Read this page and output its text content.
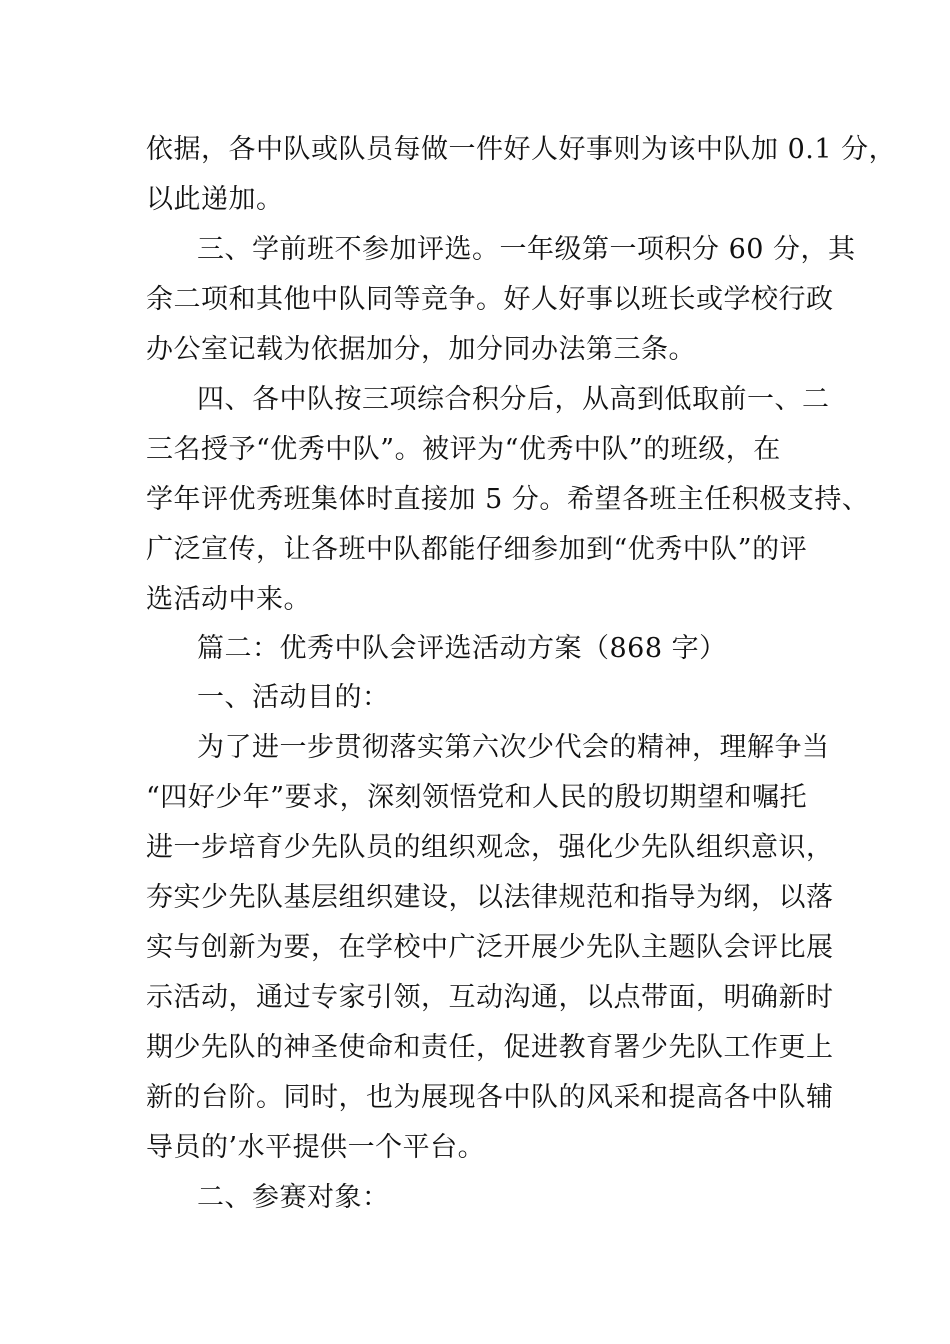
依据，各中队或队员每做一件好人好事则为该中队加 0.1 分，
以此递加。
三、学前班不参加评选。一年级第一项积分 60 分，其
余二项和其他中队同等竞争。好人好事以班长或学校行政
办公室记载为依据加分，加分同办法第三条。
四、各中队按三项综合积分后，从高到低取前一、二
三名授予“优秀中队”。被评为“优秀中队”的班级，在
学年评优秀班集体时直接加 5 分。希望各班主任积极支持、
广泛宣传，让各班中队都能仔细参加到“优秀中队”的评
选活动中来。
篇二：优秀中队会评选活动方案（868 字）
一、活动目的：
为了进一步贯彻落实第六次少代会的精神，理解争当
“四好少年”要求，深刻领悟党和人民的殷切期望和嘱托
进一步培育少先队员的组织观念，强化少先队组织意识，
夯实少先队基层组织建设，以法律规范和指导为纲，以落
实与创新为要，在学校中广泛开展少先队主题队会评比展
示活动，通过专家引领，互动沟通，以点带面，明确新时
期少先队的神圣使命和责任，促进教育署少先队工作更上
新的台阶。同时，也为展现各中队的风采和提高各中队辅
导员的’水平提供一个平台。
二、参赛对象：
